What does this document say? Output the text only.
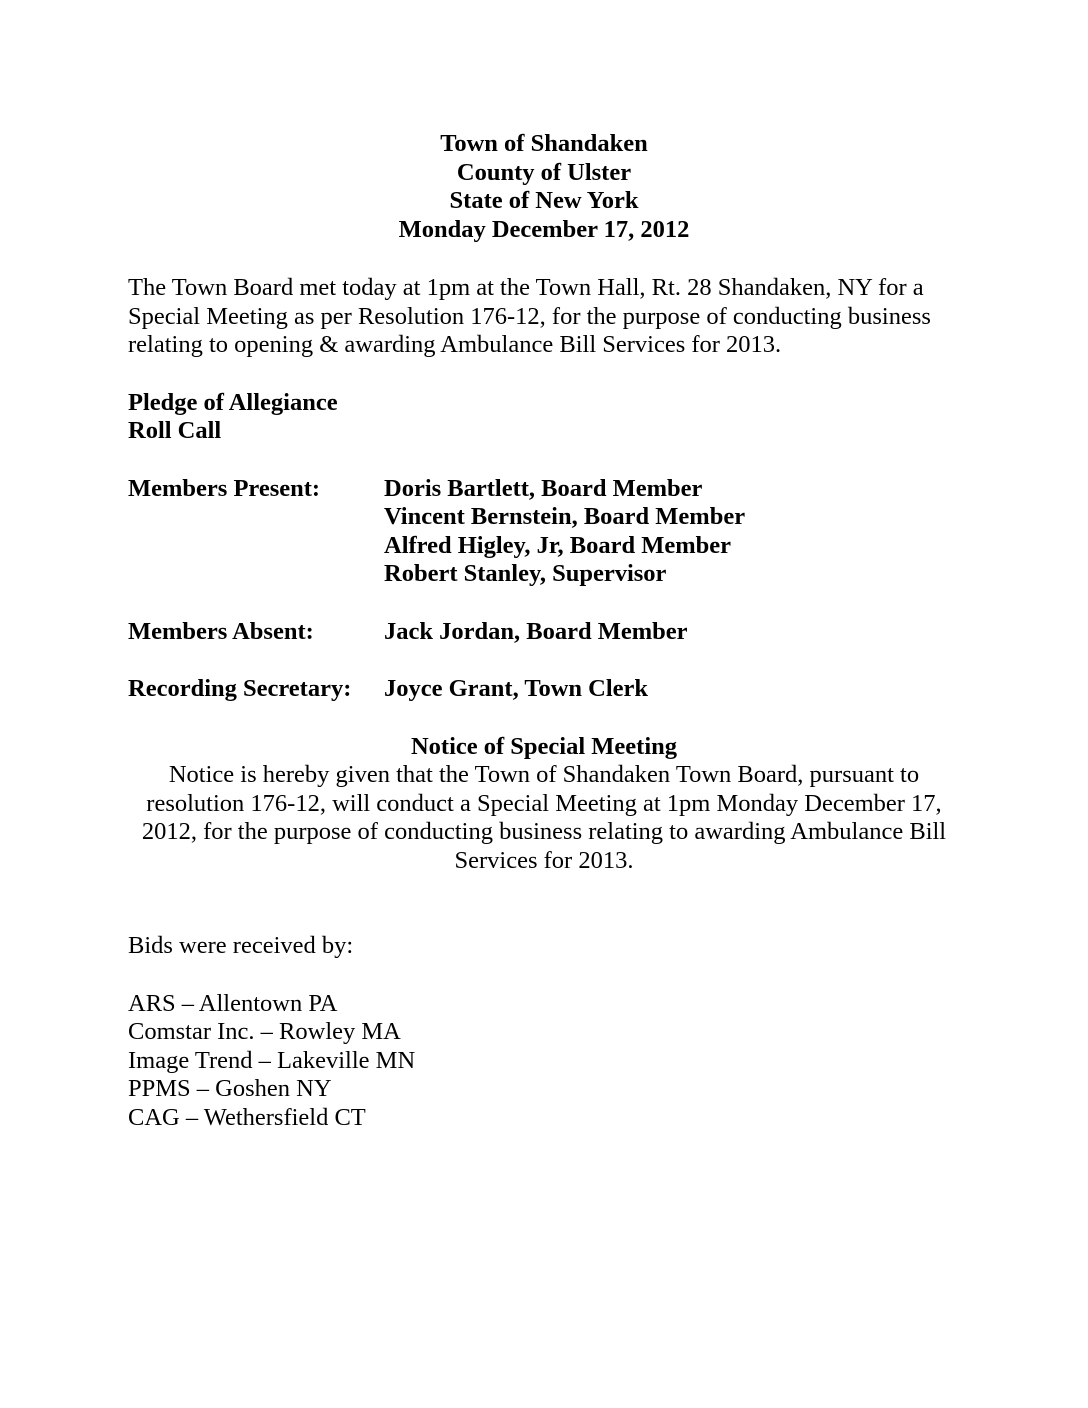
Town of Shandaken
County of Ulster
State of New York
Monday December 17, 2012

The Town Board met today at 1pm at the Town Hall, Rt. 28 Shandaken, NY for a Special Meeting as per Resolution 176-12, for the purpose of conducting business relating to opening & awarding Ambulance Bill Services for 2013.

Pledge of Allegiance
Roll Call
Members Present:	Doris Bartlett, Board Member
Vincent Bernstein, Board Member
Alfred Higley, Jr, Board Member
Robert Stanley, Supervisor
Members Absent:	Jack Jordan, Board Member
Recording Secretary:	Joyce Grant, Town Clerk
Notice of Special Meeting

Notice is hereby given that the Town of Shandaken Town Board, pursuant to resolution 176-12, will conduct a Special Meeting at 1pm Monday December 17, 2012, for the purpose of conducting business relating to awarding Ambulance Bill Services for 2013.

Bids were received by:

ARS – Allentown PA
Comstar Inc. – Rowley MA
Image Trend – Lakeville MN
PPMS – Goshen NY
CAG – Wethersfield CT
